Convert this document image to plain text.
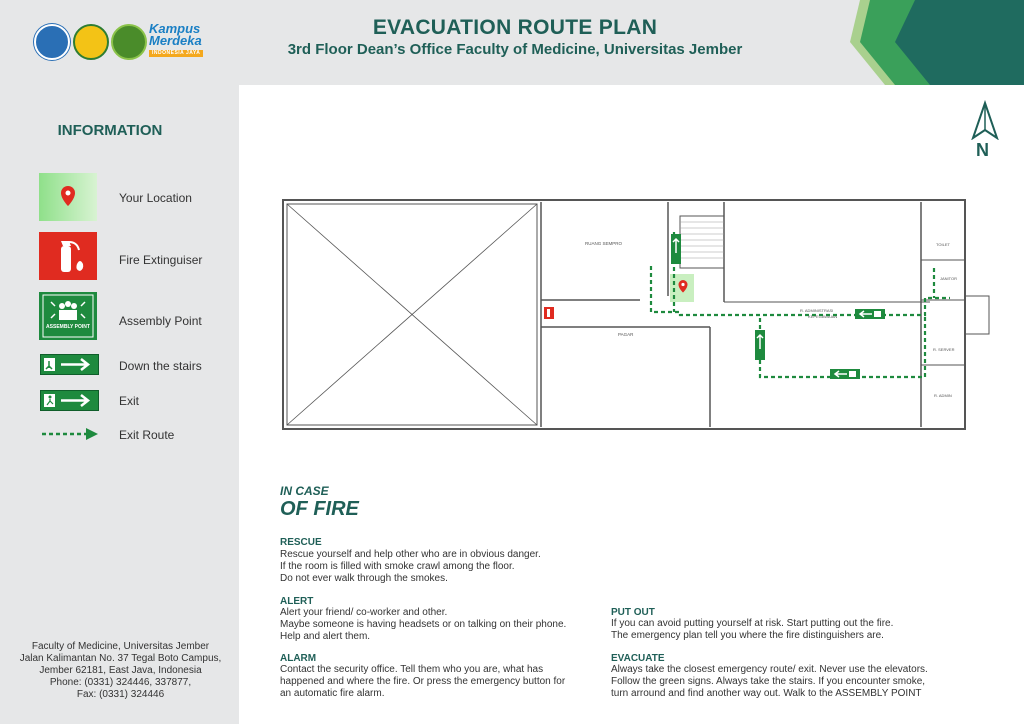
Kampus
Merdeka
INDONESIA JAYA
EVACUATION ROUTE PLAN
3rd Floor Dean’s Office Faculty of Medicine, Universitas Jember
INFORMATION
Your Location
Fire Extinguiser
ASSEMBLY POINT	Assembly Point
Down the stairs
Exit
Exit Route
Faculty of Medicine, Universitas Jember
Jalan Kalimantan No. 37 Tegal Boto Campus,
Jember 62181, East Java, Indonesia
Phone: (0331) 324446, 337877,
Fax: (0331) 324446
N
RUANG SEMPRO
PAGAR
R. ADMINISTRASI
KEPEGAWAIAN
TOILET
JANITOR
R. SERVER
R. ADMIN
IN CASE
OF FIRE
RESCUE
Rescue yourself and help other who are in obvious danger.
If the room is filled with smoke crawl among the floor.
Do not ever walk through the smokes.
ALERT
Alert your friend/ co-worker and other.
Maybe someone is having headsets or on talking on their phone.
Help and alert them.
ALARM
Contact the security office. Tell them who you are, what has
happened and where the fire. Or press the emergency button for
an automatic fire alarm.
PUT OUT
If you can avoid putting yourself at risk. Start putting out the fire.
The emergency plan tell you where the fire distinguishers are.
EVACUATE
Always take the closest emergency route/ exit. Never use the elevators.
Follow the green signs. Always take the stairs. If you encounter smoke,
turn arround and find another way out. Walk to the ASSEMBLY POINT
